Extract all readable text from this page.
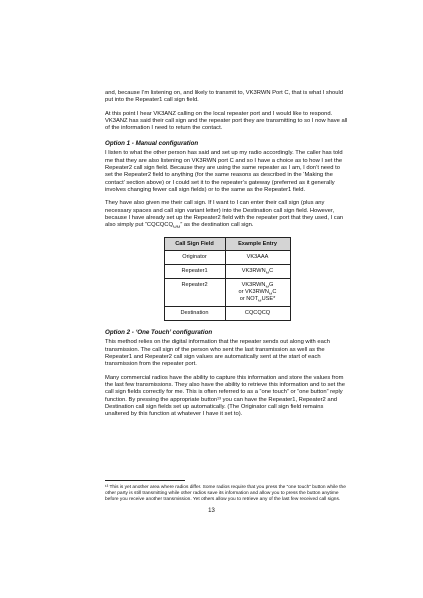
and, because I’m listening on, and likely to transmit to, VK3RWN Port C, that is what I should put into the Repeater1 call sign field.

At this point I hear VK3ANZ calling on the local repeater port and I would like to respond. VK3ANZ has said their call sign and the repeater port they are transmitting to so I now have all of the information I need to return the contact.

Option 1 - Manual configuration

I listen to what the other person has said and set up my radio accordingly. The caller has told me that they are also listening on VK3RWN port C and so I have a choice as to how I set the Repeater2 call sign field. Because they are using the same repeater as I am, I don’t need to set the Repeater2 field to anything (for the same reasons as described in the ‘Making the contact’ section above) or I could set it to the repeater’s gateway (preferred as it generally involves changing fewer call sign fields) or to the same as the Repeater1 field.

They have also given me their call sign. If I want to I can enter their call sign (plus any necessary spaces and call sign variant letter) into the Destination call sign field. However, because I have already set up the Repeater2 field with the repeater port that they used, I can also simply put “CQCQCQ␣␣” as the destination call sign.

Call Sign Field	Example Entry
Originator	VK3AAA
Repeater1	VK3RWN␣C
Repeater2	VK3RWN␣G
or VK3RWN␣C
or NOT␣USE*
Destination	CQCQCQ
Option 2 - ‘One Touch’ configuration

This method relies on the digital information that the repeater sends out along with each transmission. The call sign of the person who sent the last transmission as well as the Repeater1 and Repeater2 call sign values are automatically sent at the start of each transmission from the repeater port.

Many commercial radios have the ability to capture this information and store the values from the last few transmissions. They also have the ability to retrieve this information and to set the call sign fields correctly for me. This is often referred to as a “one touch” or “one button” reply function. By pressing the appropriate button¹³ you can have the Repeater1, Repeater2 and Destination call sign fields set up automatically. (The Originator call sign field remains unaltered by this function at whatever I have it set to).

¹³ This is yet another area where radios differ. Some radios require that you press the “one touch” button while the other party is still transmitting while other radios save its information and allow you to press the button anytime before you receive another transmission. Yet others allow you to retrieve any of the last few received call signs.
13
